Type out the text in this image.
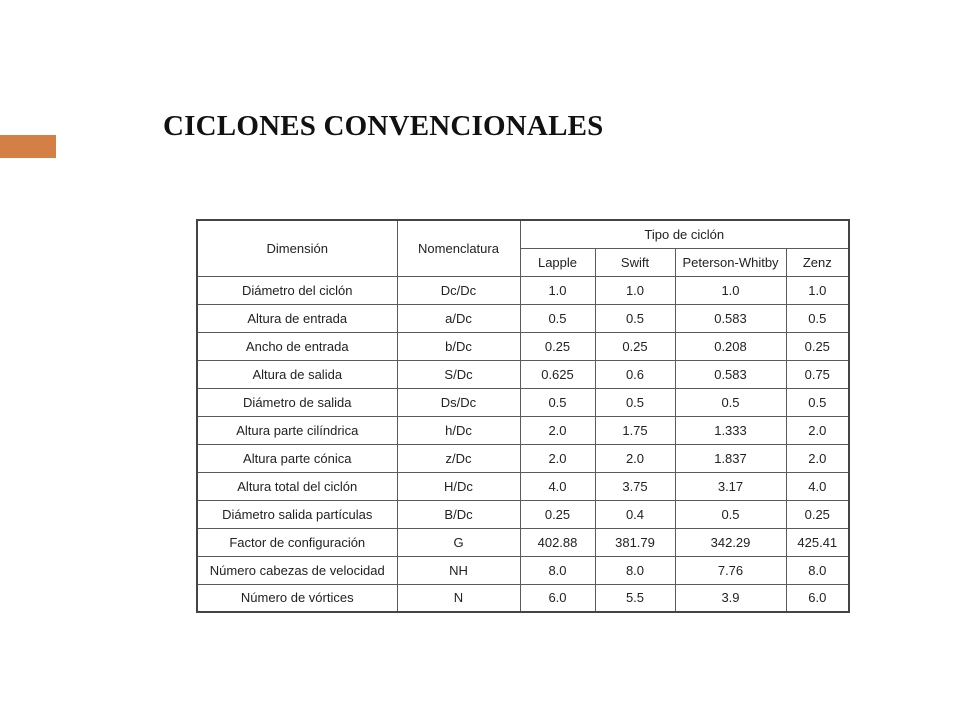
CICLONES CONVENCIONALES
Dimensión	Nomenclatura	Tipo de ciclón			
		Lapple	Swift	Peterson-Whitby	Zenz
Diámetro del ciclón	Dc/Dc	1.0	1.0	1.0	1.0
Altura de entrada	a/Dc	0.5	0.5	0.583	0.5
Ancho de entrada	b/Dc	0.25	0.25	0.208	0.25
Altura de salida	S/Dc	0.625	0.6	0.583	0.75
Diámetro de salida	Ds/Dc	0.5	0.5	0.5	0.5
Altura parte cilíndrica	h/Dc	2.0	1.75	1.333	2.0
Altura parte cónica	z/Dc	2.0	2.0	1.837	2.0
Altura total del ciclón	H/Dc	4.0	3.75	3.17	4.0
Diámetro salida partículas	B/Dc	0.25	0.4	0.5	0.25
Factor de configuración	G	402.88	381.79	342.29	425.41
Número cabezas de velocidad	NH	8.0	8.0	7.76	8.0
Número de vórtices	N	6.0	5.5	3.9	6.0
